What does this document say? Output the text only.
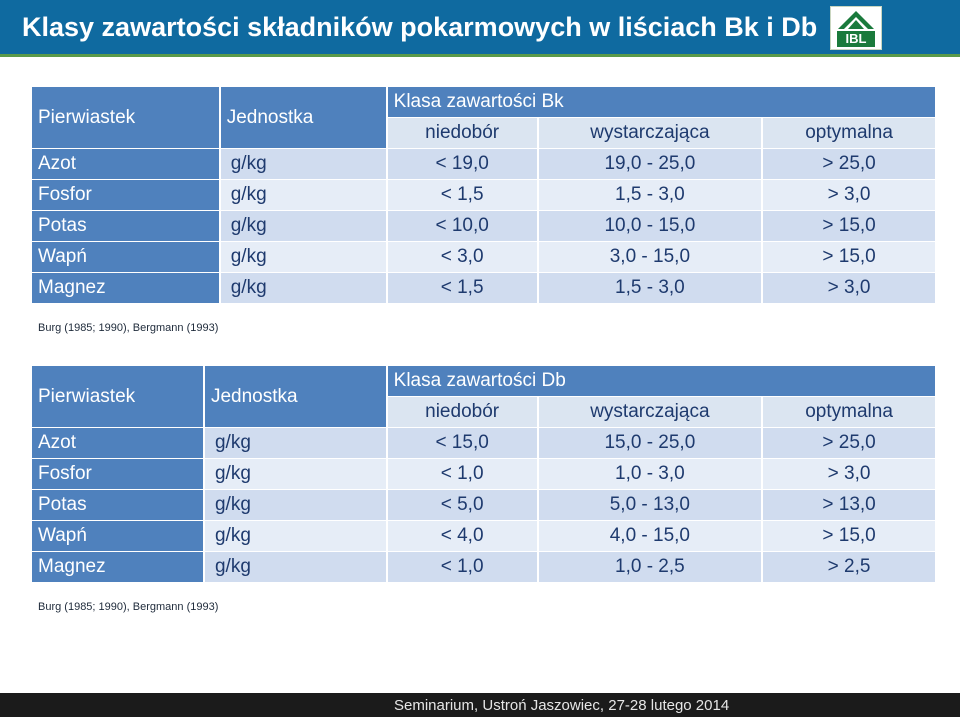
Klasy zawartości składników pokarmowych w liściach Bk i Db	IBL
Pierwiastek	Jednostka	Klasa zawartości Bk		
		niedobór	wystarczająca	optymalna
Azot	g/kg	< 19,0	19,0 - 25,0	> 25,0
Fosfor	g/kg	< 1,5	1,5 - 3,0	> 3,0
Potas	g/kg	< 10,0	10,0 - 15,0	> 15,0
Wapń	g/kg	< 3,0	3,0 - 15,0	> 15,0
Magnez	g/kg	< 1,5	1,5 - 3,0	> 3,0
Burg (1985; 1990), Bergmann (1993)
Pierwiastek	Jednostka	Klasa zawartości Db		
		niedobór	wystarczająca	optymalna
Azot	g/kg	< 15,0	15,0 - 25,0	> 25,0
Fosfor	g/kg	< 1,0	1,0 - 3,0	> 3,0
Potas	g/kg	< 5,0	5,0 - 13,0	> 13,0
Wapń	g/kg	< 4,0	4,0 - 15,0	> 15,0
Magnez	g/kg	< 1,0	1,0 - 2,5	> 2,5
Burg (1985; 1990), Bergmann (1993)
Seminarium, Ustroń Jaszowiec, 27-28 lutego 2014
